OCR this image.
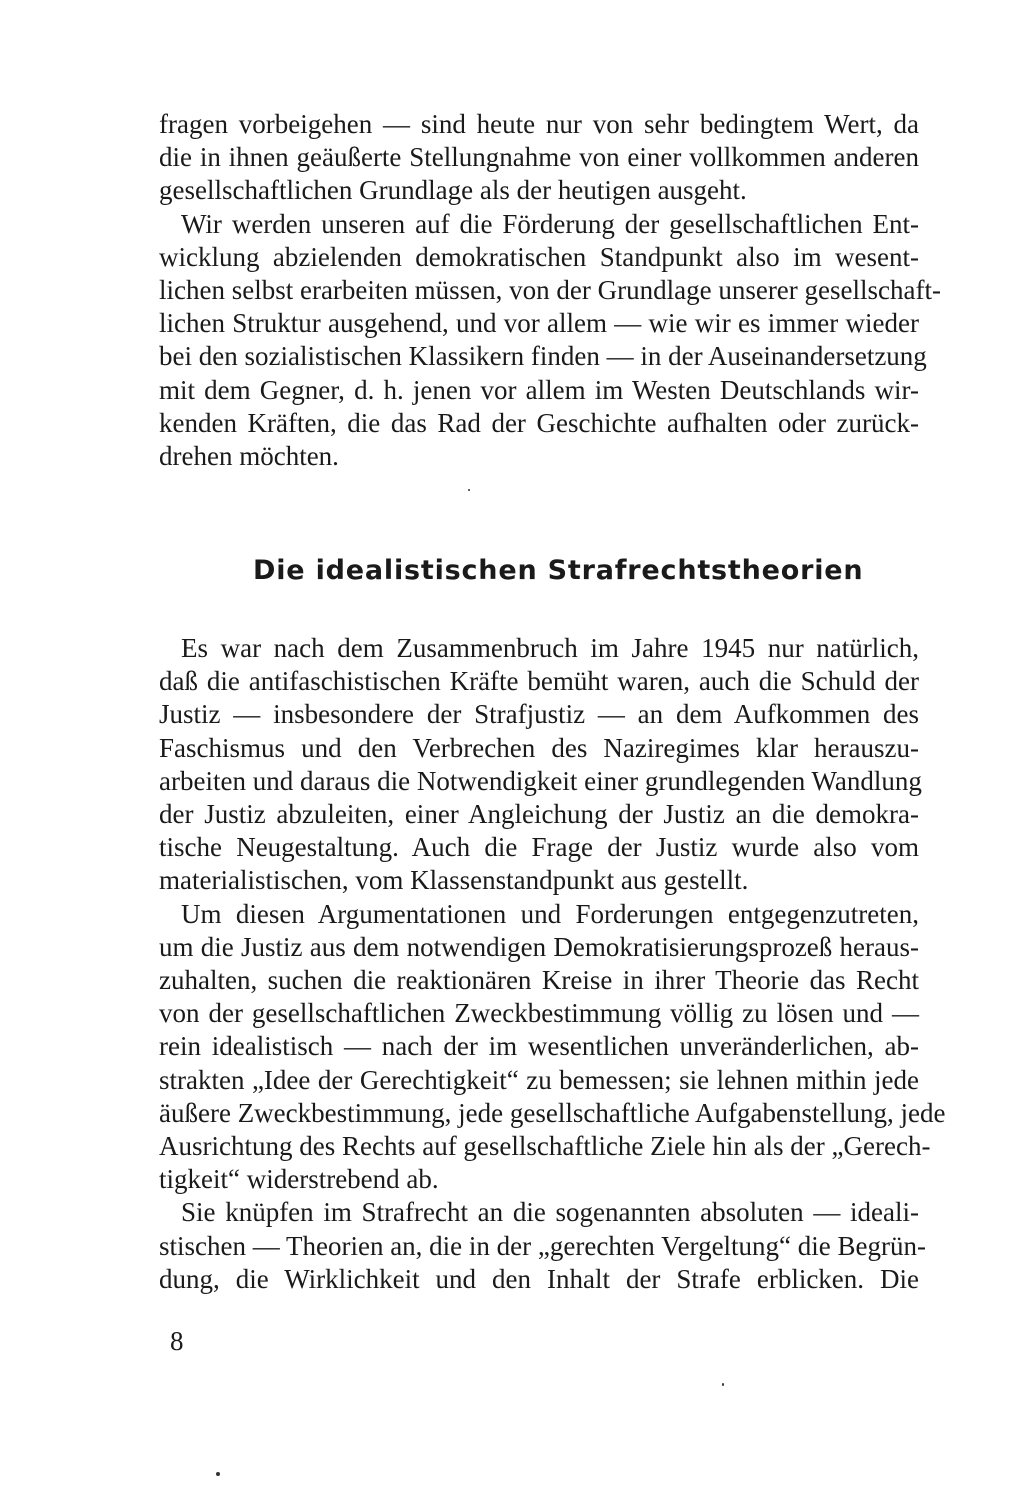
fragen vorbeigehen — sind heute nur von sehr bedingtem Wert, da
die in ihnen geäußerte Stellungnahme von einer vollkommen anderen
gesellschaftlichen Grundlage als der heutigen ausgeht.

Wir werden unseren auf die Förderung der gesellschaftlichen Ent-
wicklung abzielenden demokratischen Standpunkt also im wesent-
lichen selbst erarbeiten müssen, von der Grundlage unserer gesellschaft-
lichen Struktur ausgehend, und vor allem — wie wir es immer wieder
bei den sozialistischen Klassikern finden — in der Auseinandersetzung
mit dem Gegner, d. h. jenen vor allem im Westen Deutschlands wir-
kenden Kräften, die das Rad der Geschichte aufhalten oder zurück-
drehen möchten.

Die idealistischen Strafrechtstheorien

Es war nach dem Zusammenbruch im Jahre 1945 nur natürlich,
daß die antifaschistischen Kräfte bemüht waren, auch die Schuld der
Justiz — insbesondere der Strafjustiz — an dem Aufkommen des
Faschismus und den Verbrechen des Naziregimes klar herauszu-
arbeiten und daraus die Notwendigkeit einer grundlegenden Wandlung
der Justiz abzuleiten, einer Angleichung der Justiz an die demokra-
tische Neugestaltung. Auch die Frage der Justiz wurde also vom
materialistischen, vom Klassenstandpunkt aus gestellt.

Um diesen Argumentationen und Forderungen entgegenzutreten,
um die Justiz aus dem notwendigen Demokratisierungsprozeß heraus-
zuhalten, suchen die reaktionären Kreise in ihrer Theorie das Recht
von der gesellschaftlichen Zweckbestimmung völlig zu lösen und —
rein idealistisch — nach der im wesentlichen unveränderlichen, ab-
strakten „Idee der Gerechtigkeit“ zu bemessen; sie lehnen mithin jede
äußere Zweckbestimmung, jede gesellschaftliche Aufgabenstellung, jede
Ausrichtung des Rechts auf gesellschaftliche Ziele hin als der „Gerech-
tigkeit“ widerstrebend ab.

Sie knüpfen im Strafrecht an die sogenannten absoluten — ideali-
stischen — Theorien an, die in der „gerechten Vergeltung“ die Begrün-
dung, die Wirklichkeit und den Inhalt der Strafe erblicken. Die

8
